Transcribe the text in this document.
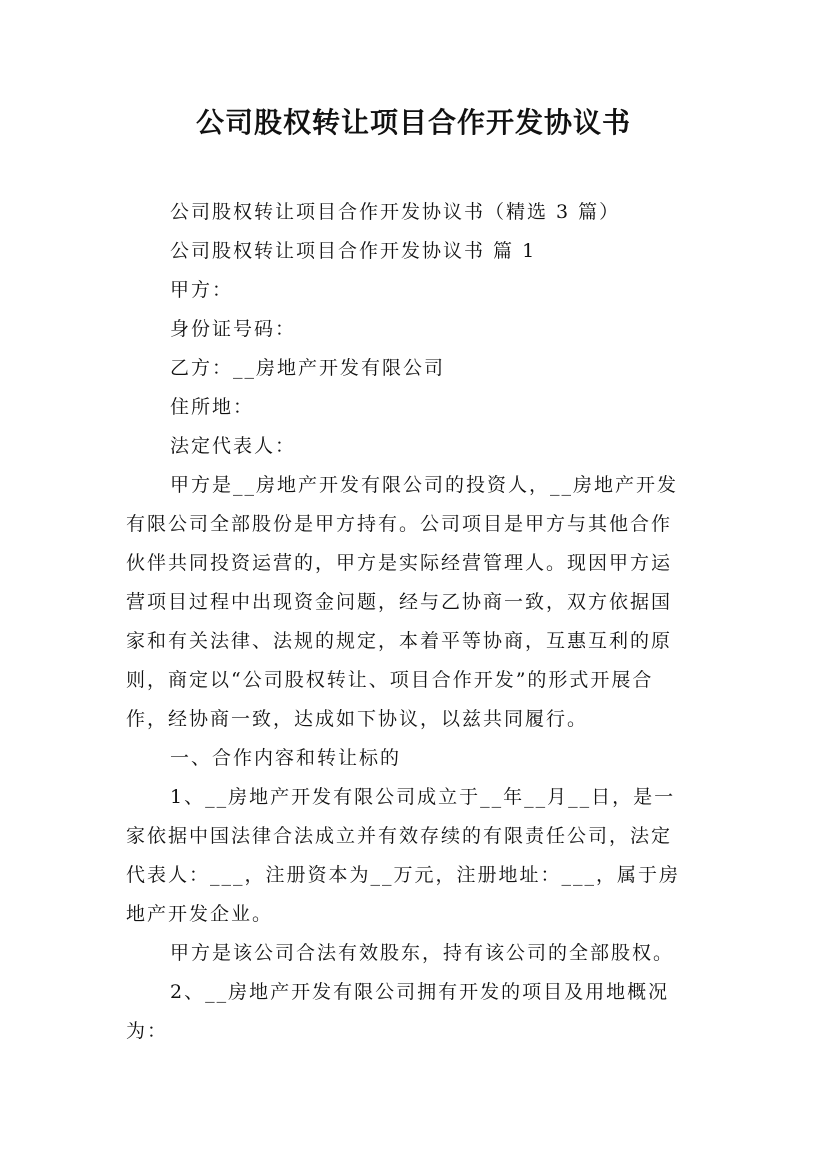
公司股权转让项目合作开发协议书

公司股权转让项目合作开发协议书（精选 3 篇）

公司股权转让项目合作开发协议书 篇 1

甲方：

身份证号码：

乙方：__房地产开发有限公司

住所地：

法定代表人：

甲方是__房地产开发有限公司的投资人，__房地产开发

有限公司全部股份是甲方持有。公司项目是甲方与其他合作

伙伴共同投资运营的，甲方是实际经营管理人。现因甲方运

营项目过程中出现资金问题，经与乙协商一致，双方依据国

家和有关法律、法规的规定，本着平等协商，互惠互利的原

则，商定以“公司股权转让、项目合作开发”的形式开展合

作，经协商一致，达成如下协议，以兹共同履行。

一、合作内容和转让标的

1、__房地产开发有限公司成立于__年__月__日，是一

家依据中国法律合法成立并有效存续的有限责任公司，法定

代表人：___，注册资本为__万元，注册地址：___，属于房

地产开发企业。

甲方是该公司合法有效股东，持有该公司的全部股权。

2、__房地产开发有限公司拥有开发的项目及用地概况

为：
